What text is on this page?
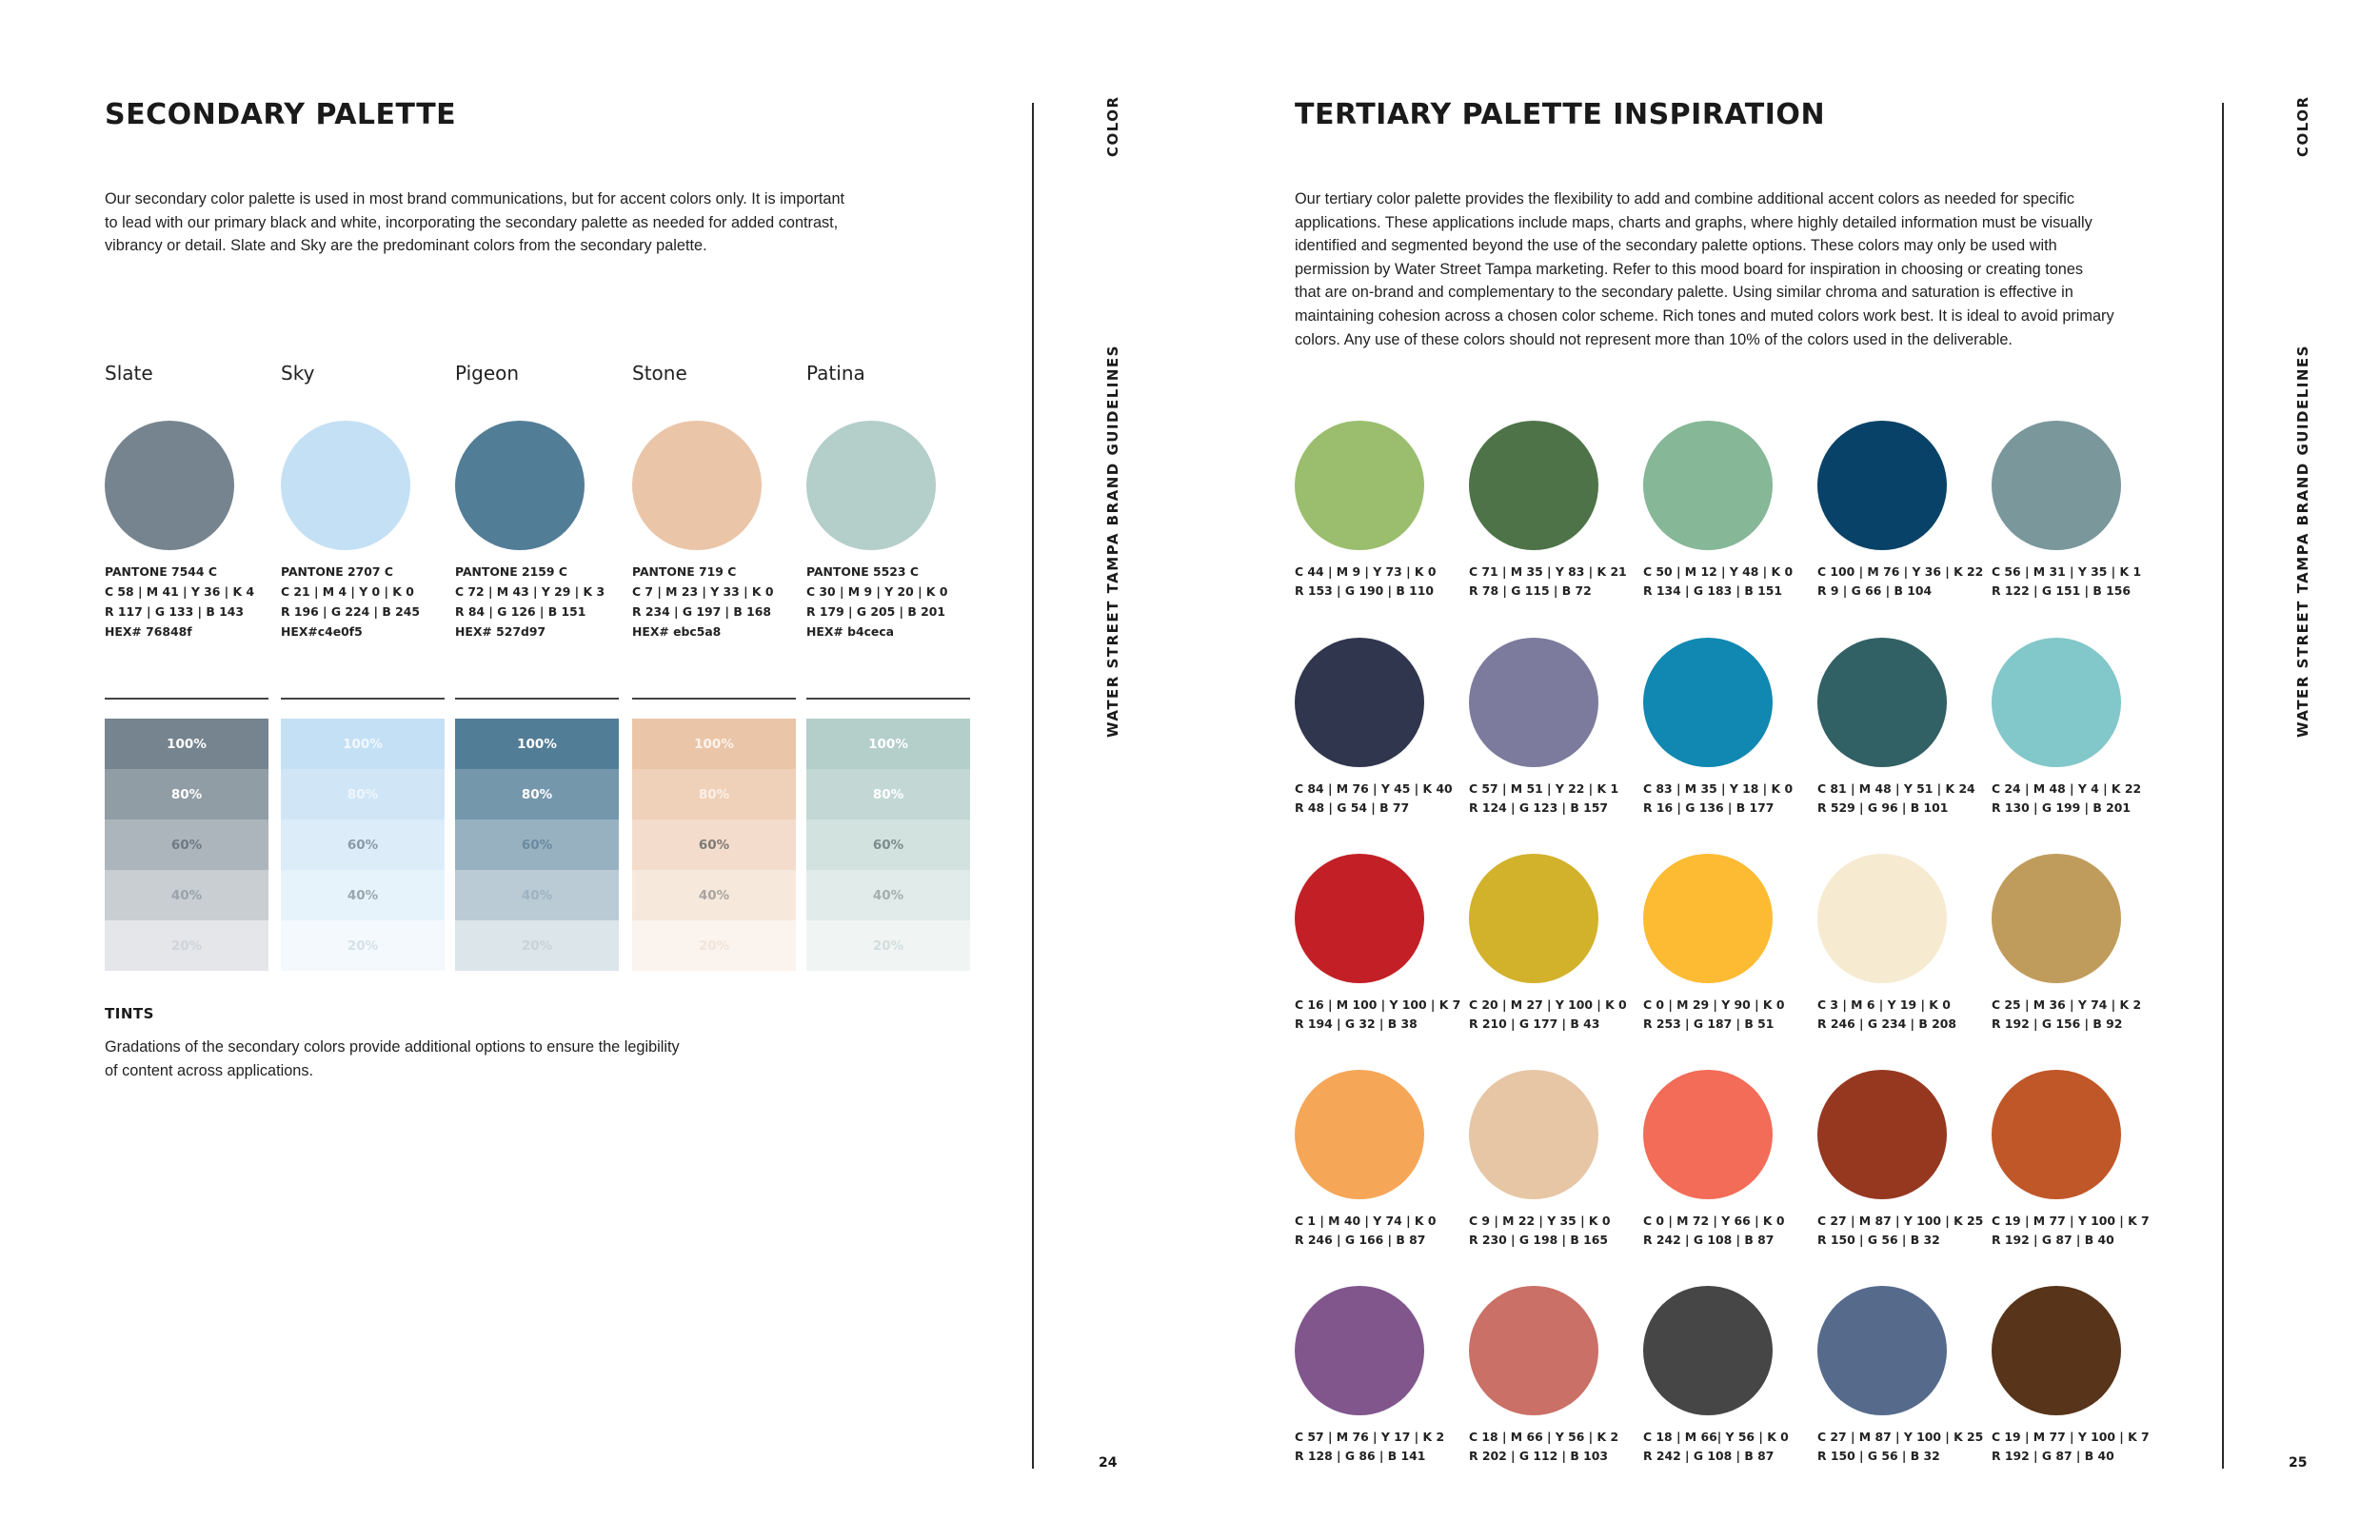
SECONDARY PALETTE

Our secondary color palette is used in most brand communications, but for accent colors only. It is important
to lead with our primary black and white, incorporating the secondary palette as needed for added contrast,
vibrancy or detail. Slate and Sky are the predominant colors from the secondary palette.

Slate
PANTONE 7544 C
C 58 | M 41 | Y 36 | K 4
R 117 | G 133 | B 143
HEX# 76848f
100%
80%
60%
40%
20%
Sky
PANTONE 2707 C
C 21 | M 4 | Y 0 | K 0
R 196 | G 224 | B 245
HEX#c4e0f5
100%
80%
60%
40%
20%
Pigeon
PANTONE 2159 C
C 72 | M 43 | Y 29 | K 3
R 84 | G 126 | B 151
HEX# 527d97
100%
80%
60%
40%
20%
Stone
PANTONE 719 C
C 7 | M 23 | Y 33 | K 0
R 234 | G 197 | B 168
HEX# ebc5a8
100%
80%
60%
40%
20%
Patina
PANTONE 5523 C
C 30 | M 9 | Y 20 | K 0
R 179 | G 205 | B 201
HEX# b4ceca
100%
80%
60%
40%
20%
TINTS

Gradations of the secondary colors provide additional options to ensure the legibility
of content across applications.

COLOR
WATER STREET TAMPA BRAND GUIDELINES
24
TERTIARY PALETTE INSPIRATION

Our tertiary color palette provides the flexibility to add and combine additional accent colors as needed for specific
applications. These applications include maps, charts and graphs, where highly detailed information must be visually
identified and segmented beyond the use of the secondary palette options. These colors may only be used with
permission by Water Street Tampa marketing. Refer to this mood board for inspiration in choosing or creating tones
that are on-brand and complementary to the secondary palette. Using similar chroma and saturation is effective in
maintaining cohesion across a chosen color scheme. Rich tones and muted colors work best. It is ideal to avoid primary
colors. Any use of these colors should not represent more than 10% of the colors used in the deliverable.

C 44 | M 9 | Y 73 | K 0
R 153 | G 190 | B 110
C 71 | M 35 | Y 83 | K 21
R 78 | G 115 | B 72
C 50 | M 12 | Y 48 | K 0
R 134 | G 183 | B 151
C 100 | M 76 | Y 36 | K 22
R 9 | G 66 | B 104
C 56 | M 31 | Y 35 | K 1
R 122 | G 151 | B 156
C 84 | M 76 | Y 45 | K 40
R 48 | G 54 | B 77
C 57 | M 51 | Y 22 | K 1
R 124 | G 123 | B 157
C 83 | M 35 | Y 18 | K 0
R 16 | G 136 | B 177
C 81 | M 48 | Y 51 | K 24
R 529 | G 96 | B 101
C 24 | M 48 | Y 4 | K 22
R 130 | G 199 | B 201
C 16 | M 100 | Y 100 | K 7
R 194 | G 32 | B 38
C 20 | M 27 | Y 100 | K 0
R 210 | G 177 | B 43
C 0 | M 29 | Y 90 | K 0
R 253 | G 187 | B 51
C 3 | M 6 | Y 19 | K 0
R 246 | G 234 | B 208
C 25 | M 36 | Y 74 | K 2
R 192 | G 156 | B 92
C 1 | M 40 | Y 74 | K 0
R 246 | G 166 | B 87
C 9 | M 22 | Y 35 | K 0
R 230 | G 198 | B 165
C 0 | M 72 | Y 66 | K 0
R 242 | G 108 | B 87
C 27 | M 87 | Y 100 | K 25
R 150 | G 56 | B 32
C 19 | M 77 | Y 100 | K 7
R 192 | G 87 | B 40
C 57 | M 76 | Y 17 | K 2
R 128 | G 86 | B 141
C 18 | M 66 | Y 56 | K 2
R 202 | G 112 | B 103
C 18 | M 66| Y 56 | K 0
R 242 | G 108 | B 87
C 27 | M 87 | Y 100 | K 25
R 150 | G 56 | B 32
C 19 | M 77 | Y 100 | K 7
R 192 | G 87 | B 40
COLOR
WATER STREET TAMPA BRAND GUIDELINES
25
